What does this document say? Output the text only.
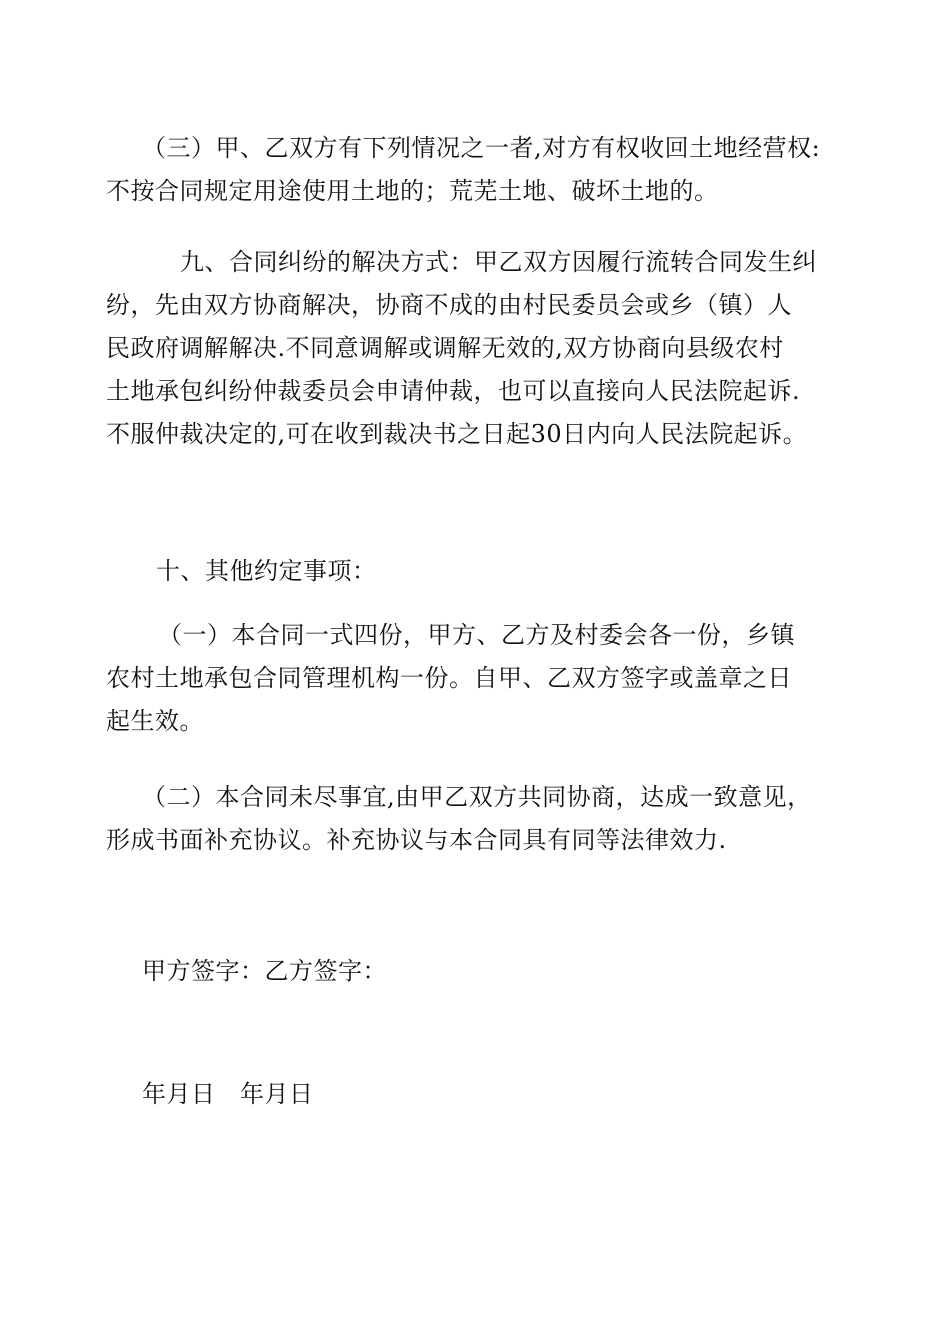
（三）甲、乙双方有下列情况之一者,对方有权收回土地经营权:
不按合同规定用途使用土地的；荒芜土地、破坏土地的。
九、合同纠纷的解决方式：甲乙双方因履行流转合同发生纠
纷，先由双方协商解决，协商不成的由村民委员会或乡（镇）人
民政府调解解决.不同意调解或调解无效的,双方协商向县级农村
土地承包纠纷仲裁委员会申请仲裁，也可以直接向人民法院起诉.
不服仲裁决定的,可在收到裁决书之日起30日内向人民法院起诉。
十、其他约定事项：
（一）本合同一式四份，甲方、乙方及村委会各一份，乡镇
农村土地承包合同管理机构一份。自甲、乙双方签字或盖章之日
起生效。
（二）本合同未尽事宜,由甲乙双方共同协商，达成一致意见，
形成书面补充协议。补充协议与本合同具有同等法律效力.
甲方签字：乙方签字：
年月日　年月日
